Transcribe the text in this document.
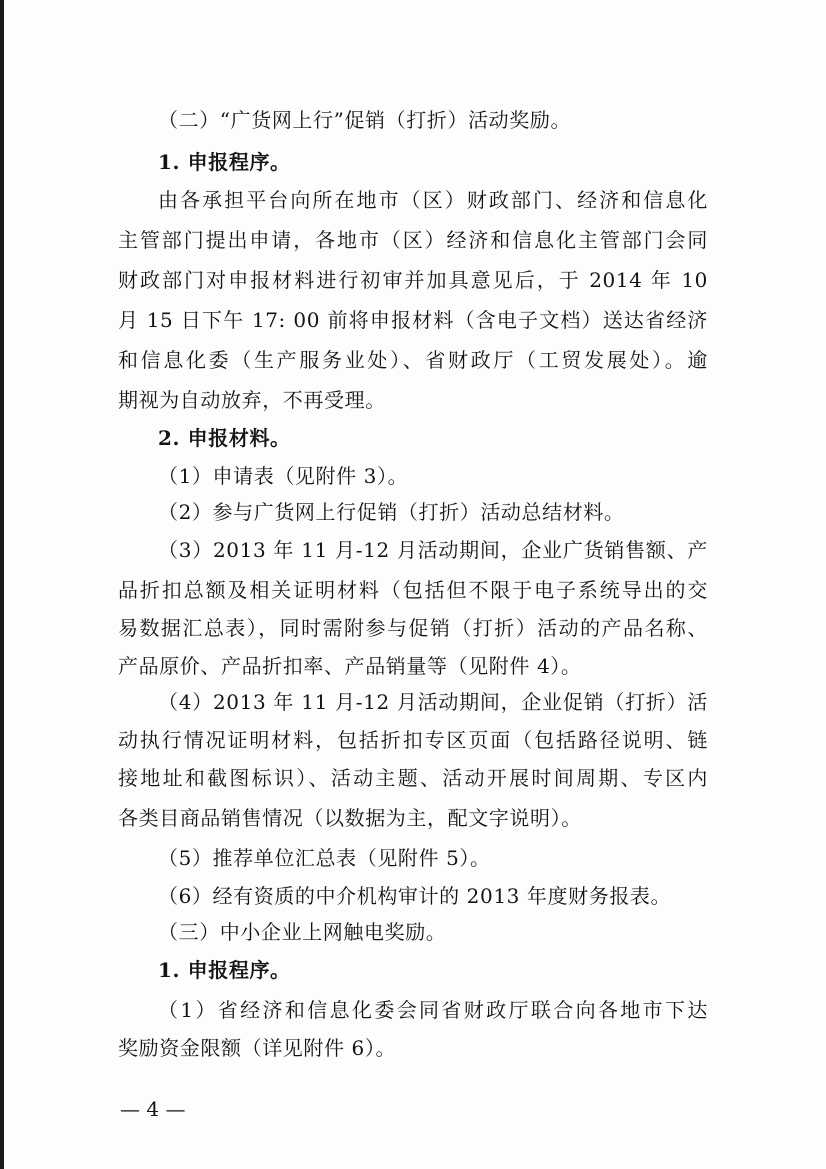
（二）“广货网上行”促销（打折）活动奖励。
1. 申报程序。
由各承担平台向所在地市（区）财政部门、经济和信息化
主管部门提出申请，各地市（区）经济和信息化主管部门会同
财政部门对申报材料进行初审并加具意见后，于 2014 年 10
月 15 日下午 17: 00 前将申报材料（含电子文档）送达省经济
和信息化委（生产服务业处）、省财政厅（工贸发展处）。逾
期视为自动放弃，不再受理。
2. 申报材料。
（1）申请表（见附件 3）。
（2）参与广货网上行促销（打折）活动总结材料。
（3）2013 年 11 月-12 月活动期间，企业广货销售额、产
品折扣总额及相关证明材料（包括但不限于电子系统导出的交
易数据汇总表），同时需附参与促销（打折）活动的产品名称、
产品原价、产品折扣率、产品销量等（见附件 4）。
（4）2013 年 11 月-12 月活动期间，企业促销（打折）活
动执行情况证明材料，包括折扣专区页面（包括路径说明、链
接地址和截图标识）、活动主题、活动开展时间周期、专区内
各类目商品销售情况（以数据为主，配文字说明）。
（5）推荐单位汇总表（见附件 5）。
（6）经有资质的中介机构审计的 2013 年度财务报表。
（三）中小企业上网触电奖励。
1. 申报程序。
（1）省经济和信息化委会同省财政厅联合向各地市下达
奖励资金限额（详见附件 6）。
— 4 —
